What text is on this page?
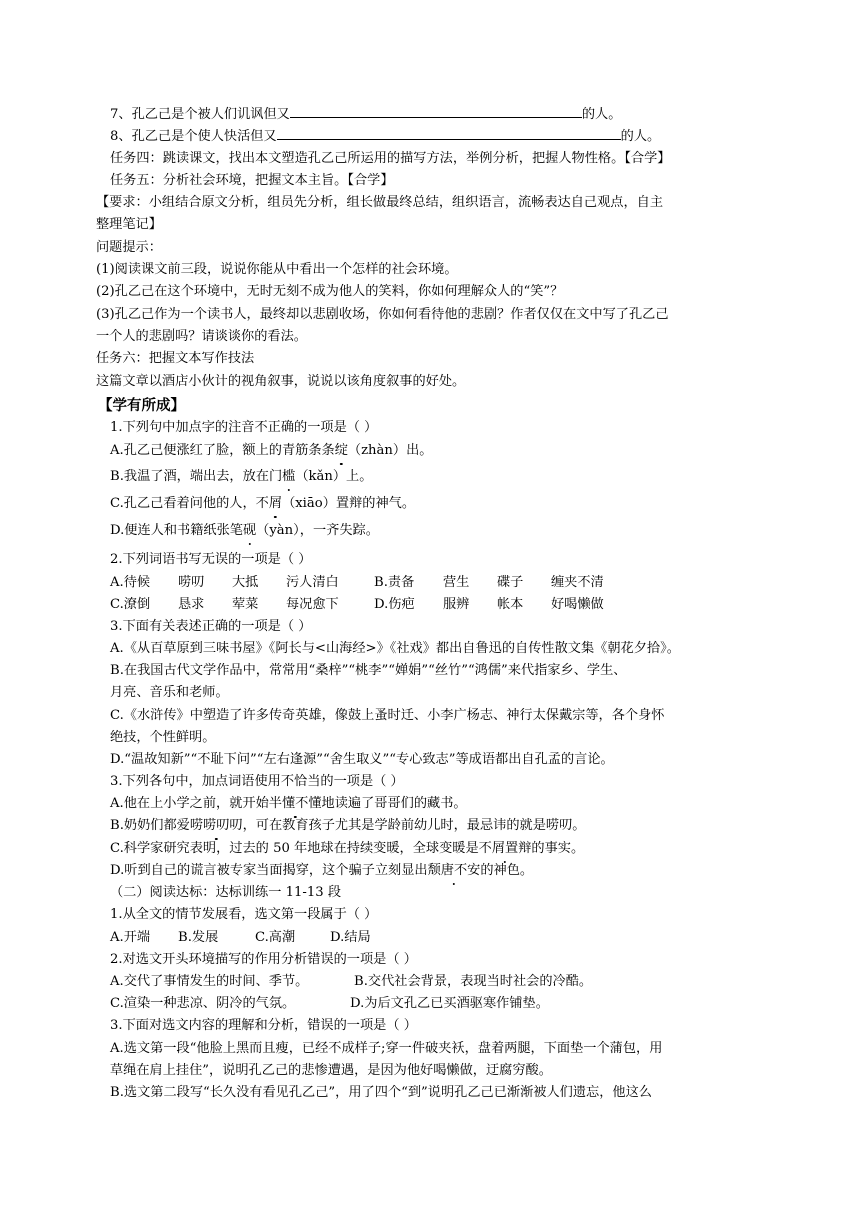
7、孔乙己是个被人们讥讽但又	的人。
8、孔乙己是个使人快活但又	的人。
任务四：跳读课文，找出本文塑造孔乙己所运用的描写方法，举例分析，把握人物性格。【合学】
任务五：分析社会环境，把握文本主旨。【合学】
【要求：小组结合原文分析，组员先分析，组长做最终总结，组织语言，流畅表达自己观点，自主
整理笔记】
问题提示：
(1)阅读课文前三段，说说你能从中看出一个怎样的社会环境。
(2)孔乙己在这个环境中，无时无刻不成为他人的笑料，你如何理解众人的“笑”？
(3)孔乙己作为一个读书人，最终却以悲剧收场，你如何看待他的悲剧？作者仅仅在文中写了孔乙己
一个人的悲剧吗？请谈谈你的看法。
任务六：把握文本写作技法
这篇文章以酒店小伙计的视角叙事，说说以该角度叙事的好处。
【学有所成】
1.下列句中加点字的注音不正确的一项是（ ）
A.孔乙己便涨红了脸，额上的青筋条条绽（zhàn）出。
B.我温了酒，端出去，放在门槛（kǎn）上。
C.孔乙己看着问他的人，不屑（xiāo）置辩的神气。
D.便连人和书籍纸张笔砚（yàn），一齐失踪。
2.下列词语书写无误的一项是（ ）
A.待候 唠叨 大抵 污人清白	B.责备 营生 碟子 缠夹不清
C.潦倒 恳求 荤菜 每况愈下	D.伤疤 服辨 帐本 好喝懒做
3.下面有关表述正确的一项是（ ）
A.《从百草原到三味书屋》《阿长与<山海经>》《社戏》都出自鲁迅的自传性散文集《朝花夕拾》。
B.在我国古代文学作品中，常常用“桑梓”“桃李”“婵娟”“丝竹”“鸿儒”来代指家乡、学生、
月亮、音乐和老师。
C.《水浒传》中塑造了许多传奇英雄，像鼓上蚤时迁、小李广杨志、神行太保戴宗等，各个身怀
绝技，个性鲜明。
D.“温故知新”“不耻下问”“左右逢源”“舍生取义”“专心致志”等成语都出自孔孟的言论。
3.下列各句中，加点词语使用不恰当的一项是（ ）
A.他在上小学之前，就开始半懂不懂地读遍了哥哥们的藏书。
B.奶奶们都爱唠唠叨叨，可在教育孩子尤其是学龄前幼儿时，最忌讳的就是唠叨。
C.科学家研究表明，过去的 50 年地球在持续变暖，全球变暖是不屑置辩的事实。
D.听到自己的谎言被专家当面揭穿，这个骗子立刻显出颓唐不安的神色。
（二）阅读达标：达标训练一 11-13 段
1.从全文的情节发展看，选文第一段属于（ ）
A.开端 B.发展	C.高潮	D.结局
2.对选文开头环境描写的作用分析错误的一项是（ ）
A.交代了事情发生的时间、季节。	B.交代社会背景，表现当时社会的冷酷。
C.渲染一种悲凉、阴冷的气氛。	D.为后文孔乙已买酒驱寒作铺垫。
3.下面对选文内容的理解和分析，错误的一项是（ ）
A.选文第一段“他脸上黑而且瘦，已经不成样子;穿一件破夹袄，盘着两腿，下面垫一个蒲包，用
草绳在肩上挂住”，说明孔乙己的悲惨遭遇，是因为他好喝懒做，迂腐穷酸。
B.选文第二段写“长久没有看见孔乙己”，用了四个“到”说明孔乙己已渐渐被人们遗忘，他这么
